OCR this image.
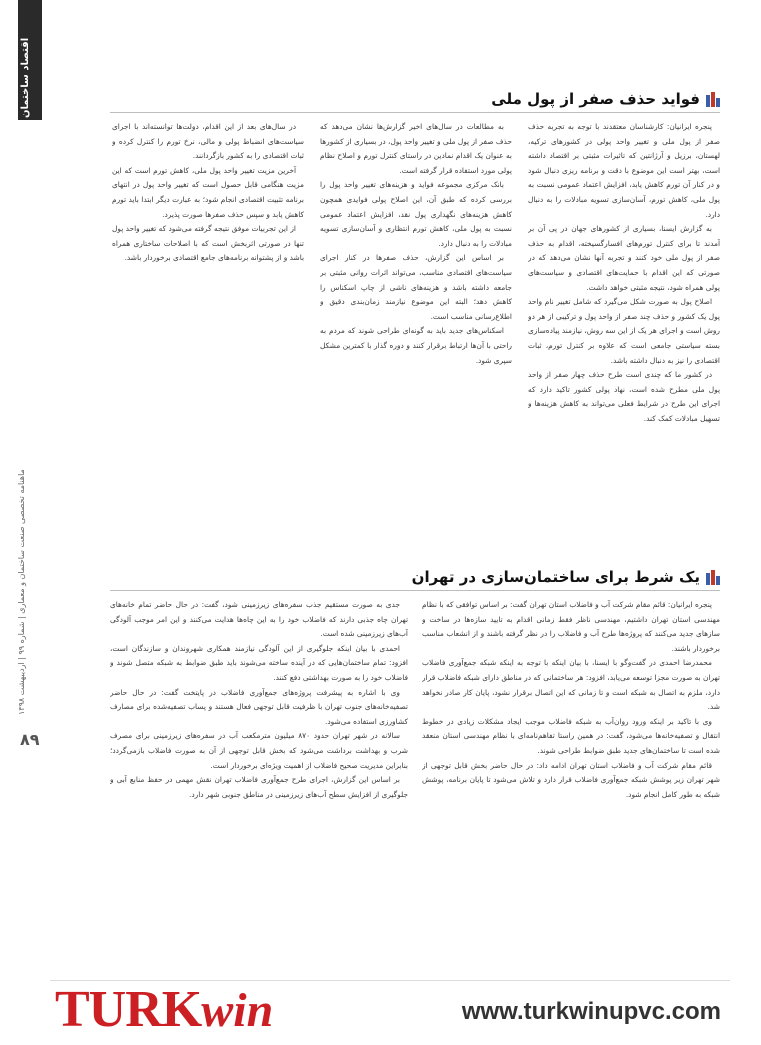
اقتصاد ساختمان
ماهنامه تخصصی صنعت ساختمان و معماری | شماره ۹۹ | اردیبهشت ۱۳۹۸
۸۹
فواید حذف صفر از پول ملی

پنجره ایرانیان: کارشناسان معتقدند با توجه به تجربه حذف صفر از پول ملی و تغییر واحد پولی در کشورهای ترکیه، لهستان، برزیل و آرژانتین که تاثیرات مثبتی بر اقتصاد داشته است، بهتر است این موضوع با دقت و برنامه ریزی دنبال شود و در کنار آن تورم کاهش یابد، افزایش اعتماد عمومی نسبت به پول ملی، کاهش تورم، آسان‌سازی تسویه مبادلات را به دنبال دارد.

به گزارش ایسنا، بسیاری از کشورهای جهان در پی آن بر آمدند تا برای کنترل تورم‌های افسارگسیخته، اقدام به حذف صفر از پول ملی خود کنند و تجربه آنها نشان می‌دهد که در صورتی که این اقدام با حمایت‌های اقتصادی و سیاست‌های پولی همراه شود، نتیجه مثبتی خواهد داشت.

اصلاح پول به صورت شکل‌ می‌گیرد که شامل تغییر نام واحد پول یک کشور و حذف چند صفر از واحد پول و ترکیبی از هر دو روش است و اجرای هر یک از این سه روش، نیازمند پیاده‌سازی بسته سیاستی جامعی است که علاوه بر کنترل تورم، ثبات اقتصادی را نیز به دنبال داشته باشد.

در کشور ما که چندی است طرح حذف چهار صفر از واحد پول ملی مطرح شده است، نهاد پولی کشور تاکید دارد که اجرای این طرح در شرایط فعلی می‌تواند به کاهش هزینه‌ها و تسهیل مبادلات کمک کند.

به مطالعات در سال‌های اخیر گزارش‌ها نشان می‌دهد که حذف صفر از پول ملی و تغییر واحد پول، در بسیاری از کشورها به عنوان یک اقدام نمادین در راستای کنترل تورم و اصلاح نظام پولی مورد استفاده قرار گرفته است.

بانک مرکزی مجموعه فواید و هزینه‌های تغییر واحد پول را بررسی کرده که طبق آن، این اصلاح پولی فوایدی همچون کاهش هزینه‌های نگهداری پول نقد، افزایش اعتماد عمومی نسبت به پول ملی، کاهش تورم انتظاری و آسان‌سازی تسویه مبادلات را به دنبال دارد.

بر اساس این گزارش، حذف صفرها در کنار اجرای سیاست‌های اقتصادی مناسب، می‌تواند اثرات روانی مثبتی بر جامعه داشته باشد و هزینه‌های ناشی از چاپ اسکناس را کاهش دهد؛ البته این موضوع نیازمند زمان‌بندی دقیق و اطلاع‌رسانی مناسب است.

اسکناس‌های جدید باید به گونه‌ای طراحی شوند که مردم به راحتی با آن‌ها ارتباط برقرار کنند و دوره گذار با کمترین مشکل سپری شود.

در سال‌های بعد از این اقدام، دولت‌ها توانسته‌اند با اجرای سیاست‌های انضباط پولی و مالی، نرخ تورم را کنترل کرده و ثبات اقتصادی را به کشور بازگردانند.

آخرین مزیت تغییر واحد پول ملی، کاهش تورم است که این مزیت هنگامی قابل حصول است که تغییر واحد پول در انتهای برنامه تثبیت اقتصادی انجام شود؛ به عبارت دیگر ابتدا باید تورم کاهش یابد و سپس حذف صفرها صورت پذیرد.

از این تجربیات موفق نتیجه گرفته می‌شود که تغییر واحد پول تنها در صورتی اثربخش است که با اصلاحات ساختاری همراه باشد و از پشتوانه برنامه‌های جامع اقتصادی برخوردار باشد.

یک شرط برای ساختمان‌سازی در تهران

پنجره ایرانیان: قائم مقام شرکت آب و فاضلاب استان تهران گفت: بر اساس توافقی که با نظام مهندسی استان تهران داشتیم، مهندسی ناظر فقط زمانی اقدام به تایید سازه‌ها در ساخت و سازهای جدید می‌کنند که پروژه‌ها طرح آب و فاضلاب را در نظر گرفته باشند و از انشعاب مناسب برخوردار باشند.

محمدرضا احمدی در گفت‌وگو با ایسنا، با بیان اینکه با توجه به اینکه شبکه جمع‌آوری فاضلاب تهران به صورت مجزا توسعه می‌یابد، افزود: هر ساختمانی که در مناطق دارای شبکه فاضلاب قرار دارد، ملزم به اتصال به شبکه است و تا زمانی که این اتصال برقرار نشود، پایان کار صادر نخواهد شد.

وی با تاکید بر اینکه ورود روان‌آب به شبکه فاضلاب موجب ایجاد مشکلات زیادی در خطوط انتقال و تصفیه‌خانه‌ها می‌شود، گفت: در همین راستا تفاهم‌نامه‌ای با نظام مهندسی استان منعقد شده است تا ساختمان‌های جدید طبق ضوابط طراحی شوند.

قائم مقام شرکت آب و فاضلاب استان تهران ادامه داد: در حال حاضر بخش قابل توجهی از شهر تهران زیر پوشش شبکه جمع‌آوری فاضلاب قرار دارد و تلاش می‌شود تا پایان برنامه، پوشش شبکه به طور کامل انجام شود.

جدی به صورت مستقیم جذب سفره‌های زیرزمینی شود، گفت: در حال حاضر تمام خانه‌های تهران چاه جذبی دارند که فاضلاب خود را به این چاه‌ها هدایت می‌کنند و این امر موجب آلودگی آب‌های زیرزمینی شده است.

احمدی با بیان اینکه جلوگیری از این آلودگی نیازمند همکاری شهروندان و سازندگان است، افزود: تمام ساختمان‌هایی که در آینده ساخته می‌شوند باید طبق ضوابط به شبکه متصل شوند و فاضلاب خود را به صورت بهداشتی دفع کنند.

وی با اشاره به پیشرفت پروژه‌های جمع‌آوری فاضلاب در پایتخت گفت: در حال حاضر تصفیه‌خانه‌های جنوب تهران با ظرفیت قابل توجهی فعال هستند و پساب تصفیه‌شده برای مصارف کشاورزی استفاده می‌شود.

سالانه در شهر تهران حدود ۸۷۰ میلیون مترمکعب آب در سفره‌های زیرزمینی برای مصرف شرب و بهداشت برداشت می‌شود که بخش قابل توجهی از آن به صورت فاضلاب بازمی‌گردد؛ بنابراین مدیریت صحیح فاضلاب از اهمیت ویژه‌ای برخوردار است.

بر اساس این گزارش، اجرای طرح جمع‌آوری فاضلاب تهران نقش مهمی در حفظ منابع آبی و جلوگیری از افزایش سطح آب‌های زیرزمینی در مناطق جنوبی شهر دارد.

TURK win	www.turkwinupvc.com
